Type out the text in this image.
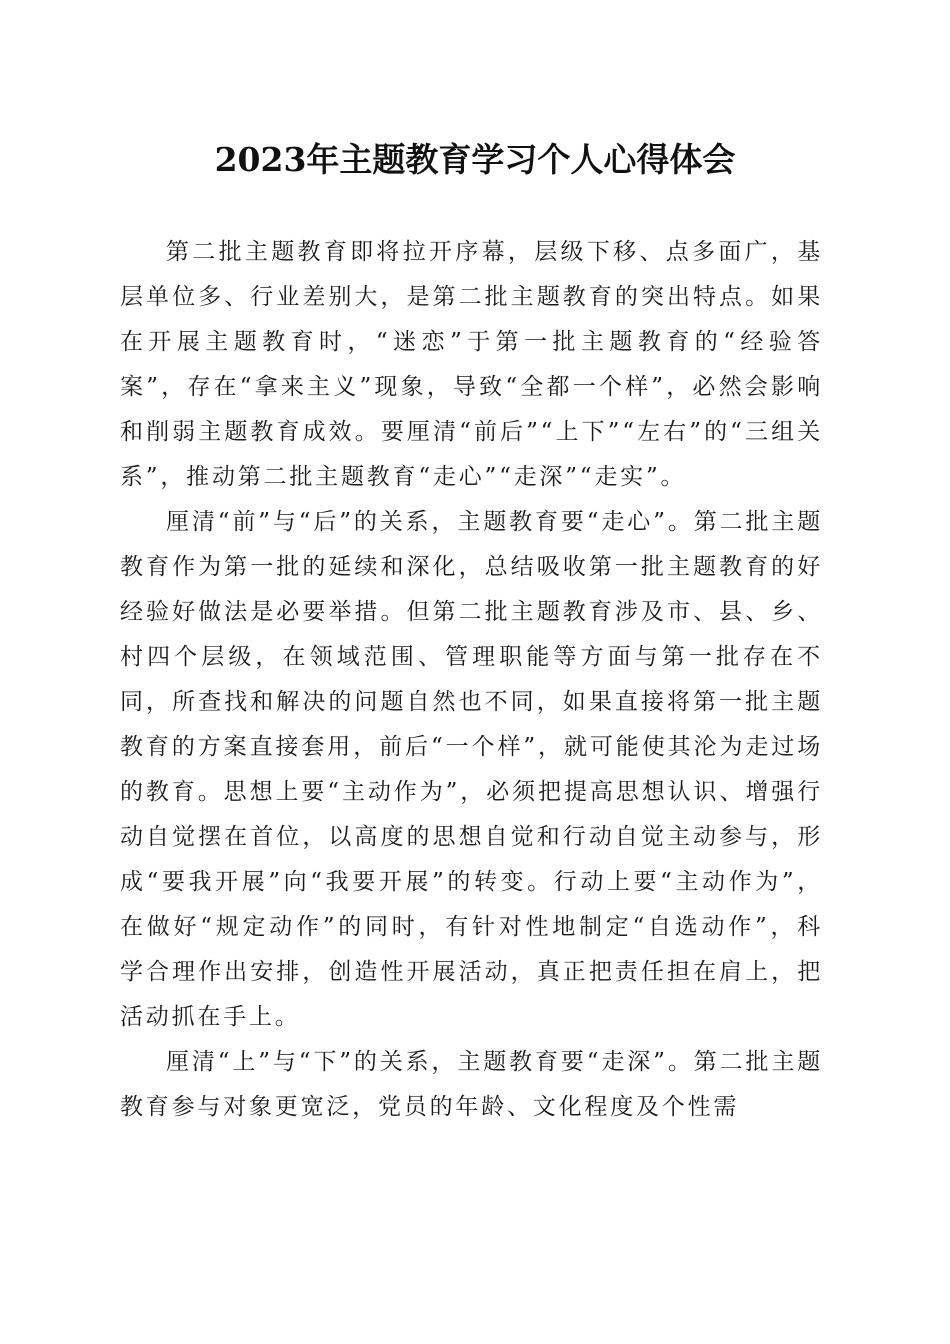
2023年主题教育学习个人心得体会

第二批主题教育即将拉开序幕，层级下移、点多面广，基层单位多、行业差别大，是第二批主题教育的突出特点。如果在开展主题教育时，“迷恋”于第一批主题教育的“经验答案”，存在“拿来主义”现象，导致“全都一个样”，必然会影响和削弱主题教育成效。要厘清“前后”“上下”“左右”的“三组关系”，推动第二批主题教育“走心”“走深”“走实”。

厘清“前”与“后”的关系，主题教育要“走心”。第二批主题教育作为第一批的延续和深化，总结吸收第一批主题教育的好经验好做法是必要举措。但第二批主题教育涉及市、县、乡、村四个层级，在领域范围、管理职能等方面与第一批存在不同，所查找和解决的问题自然也不同，如果直接将第一批主题教育的方案直接套用，前后“一个样”，就可能使其沦为走过场的教育。思想上要“主动作为”，必须把提高思想认识、增强行动自觉摆在首位，以高度的思想自觉和行动自觉主动参与，形成“要我开展”向“我要开展”的转变。行动上要“主动作为”，在做好“规定动作”的同时，有针对性地制定“自选动作”，科学合理作出安排，创造性开展活动，真正把责任担在肩上，把活动抓在手上。

厘清“上”与“下”的关系，主题教育要“走深”。第二批主题教育参与对象更宽泛，党员的年龄、文化程度及个性需
